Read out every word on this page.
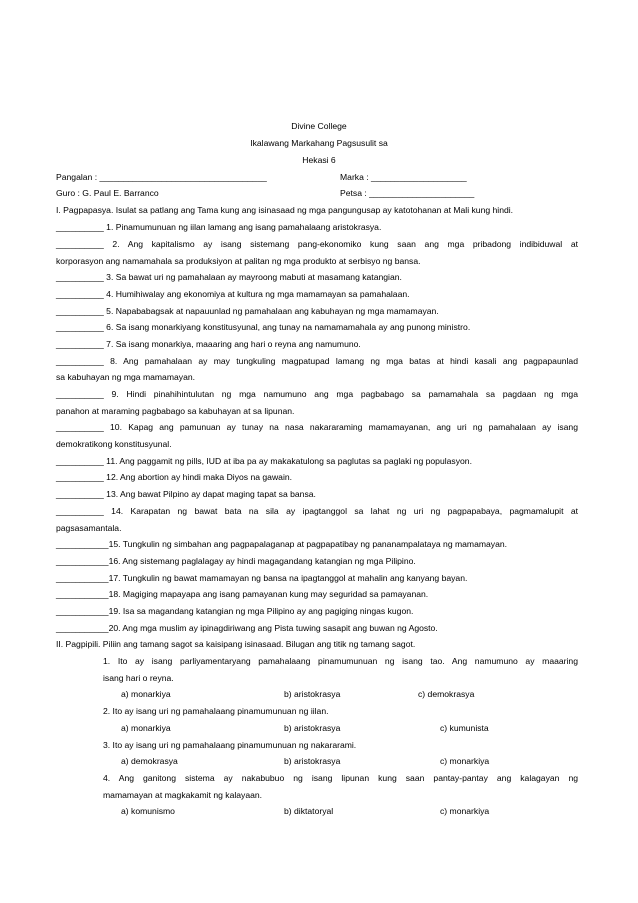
Divine College
Ikalawang Markahang Pagsusulit sa
Hekasi 6
Pangalan : ___________________________________	Marka : ____________________
Guro : G. Paul E. Barranco	Petsa : ______________________
I. Pagpapasya. Isulat sa patlang ang Tama kung ang isinasaad ng mga pangungusap ay katotohanan at Mali kung hindi.
__________ 1. Pinamumunuan ng iilan lamang ang isang pamahalaang aristokrasya.
__________ 2. Ang kapitalismo ay isang sistemang pang-ekonomiko kung saan ang mga pribadong indibiduwal at
korporasyon ang namamahala sa produksiyon at palitan ng mga produkto at serbisyo ng bansa.
__________ 3. Sa bawat uri ng pamahalaan ay mayroong mabuti at masamang katangian.
__________ 4. Humihiwalay ang ekonomiya at kultura ng mga mamamayan sa pamahalaan.
__________ 5. Napababagsak at napauunlad ng pamahalaan ang kabuhayan ng mga mamamayan.
__________ 6. Sa isang monarkiyang konstitusyunal, ang tunay na namamamahala ay ang punong ministro.
__________ 7. Sa isang monarkiya, maaaring ang hari o reyna ang namumuno.
__________ 8. Ang pamahalaan ay may tungkuling magpatupad lamang ng mga batas at hindi kasali ang pagpapaunlad
sa kabuhayan ng mga mamamayan.
__________ 9. Hindi pinahihintulutan ng mga namumuno ang mga pagbabago sa pamamahala sa pagdaan ng mga
panahon at maraming pagbabago sa kabuhayan at sa lipunan.
__________ 10. Kapag ang pamunuan ay tunay na nasa nakararaming mamamayanan, ang uri ng pamahalaan ay isang
demokratikong konstitusyunal.
__________ 11. Ang paggamit ng pills, IUD at iba pa ay makakatulong sa paglutas sa paglaki ng populasyon.
__________ 12. Ang abortion ay hindi maka Diyos na gawain.
__________ 13. Ang bawat Pilpino ay dapat maging tapat sa bansa.
__________ 14. Karapatan ng bawat bata na sila ay ipagtanggol sa lahat ng uri ng pagpapabaya, pagmamalupit at
pagsasamantala.
___________15. Tungkulin ng simbahan ang pagpapalaganap at pagpapatibay ng pananampalataya ng mamamayan.
___________16. Ang sistemang paglalagay ay hindi magagandang katangian ng mga Pilipino.
___________17. Tungkulin ng bawat mamamayan ng bansa na ipagtanggol at mahalin ang kanyang bayan.
___________18. Magiging mapayapa ang isang pamayanan kung may seguridad sa pamayanan.
___________19. Isa sa magandang katangian ng mga Pilipino ay ang pagiging ningas kugon.
___________20. Ang mga muslim ay ipinagdiriwang ang Pista tuwing sasapit ang buwan ng Agosto.
II. Pagpipili. Piliin ang tamang sagot sa kaisipang isinasaad. Bilugan ang titik ng tamang sagot.
1. Ito ay isang parliyamentaryang pamahalaang pinamumunuan ng isang tao. Ang namumuno ay maaaring
isang hari o reyna.
a) monarkiya	b) aristokrasya	c) demokrasya
2. Ito ay isang uri ng pamahalaang pinamumunuan ng iilan.
a) monarkiya	b) aristokrasya	c) kumunista
3. Ito ay isang uri ng pamahalaang pinamumunuan ng nakararami.
a) demokrasya	b) aristokrasya	c) monarkiya
4. Ang ganitong sistema ay nakabubuo ng isang lipunan kung saan pantay-pantay ang kalagayan ng
mamamayan at magkakamit ng kalayaan.
a) komunismo	b) diktatoryal	c) monarkiya
